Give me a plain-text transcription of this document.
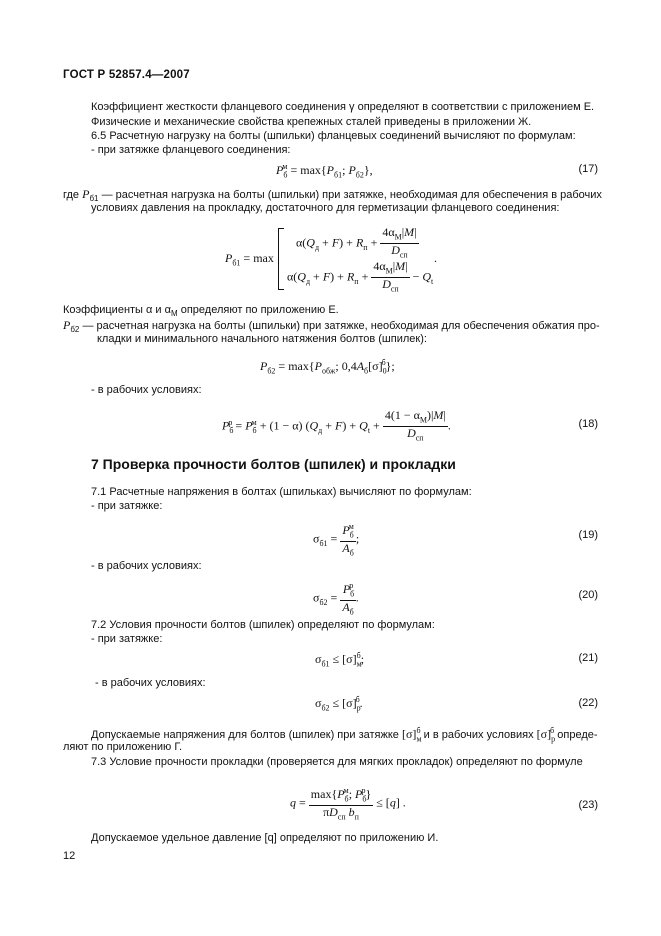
ГОСТ Р 52857.4—2007
Коэффициент жесткости фланцевого соединения γ определяют в соответствии с приложением Е.
Физические и механические свойства крепежных сталей приведены в приложении Ж.
6.5 Расчетную нагрузку на болты (шпильки) фланцевых соединений вычисляют по формулам:
- при затяжке фланцевого соединения:
$P_б^м = \max\{P_{б1}$; $P_{б2}$},	(17)
где $P_{б1}$ — расчетная нагрузка на болты (шпильки) при затяжке, необходимая для обеспечения в рабочих
условиях давления на прокладку, достаточного для герметизации фланцевого соединения:
$P_{б1} = \max$
$\alpha(Q_д + F) + R_п$ +
$4\alpha_M|M|$
$D_{сп}$
$\alpha(Q_д + F) + R_п$ +
$4\alpha_M|M|$
$D_{сп}$
− $Q_t$
.
Коэффициенты α и $\alpha_M$ определяют по приложению Е.
$P_{б2}$ — расчетная нагрузка на болты (шпильки) при затяжке, необходимая для обеспечения обжатия про-
кладки и минимального начального натяжения болтов (шпилек):
$P_{б2} = \max\{P_{обж}$; $0,4A_б[\sigma]_0^б$};
- в рабочих условиях:
$P_б^р = P_б^м + (1 - \alpha) (Q_д + F) + Q_t$ +
$4(1 - \alpha_M)|M|$
$D_{сп}$
.	(18)
7 Проверка прочности болтов (шпилек) и прокладки
7.1 Расчетные напряжения в болтах (шпильках) вычисляют по формулам:
- при затяжке:
$\sigma_{б1}$ =
$P_б^м$
$A_б$
;	(19)
- в рабочих условиях:
$\sigma_{б2}$ =
$P_б^р$
$A_б$
.	(20)
7.2 Условия прочности болтов (шпилек) определяют по формулам:
- при затяжке:
$\sigma_{б1} \le [\sigma]_м^б$;	(21)
- в рабочих условиях:
$\sigma_{б2} \le [\sigma]_р^б$.	(22)
Допускаемые напряжения для болтов (шпилек) при затяжке $[\sigma]_м^б$ и в рабочих условиях $[\sigma]_р^б$ опреде-
ляют по приложению Г.
7.3 Условие прочности прокладки (проверяется для мягких прокладок) определяют по формуле
q =
$\max\{P_б^м$; $P_б^р$}
$\pi D_{сп}$ $b_п$
≤ [q] .	(23)
Допускаемое удельное давление [q] определяют по приложению И.
12
